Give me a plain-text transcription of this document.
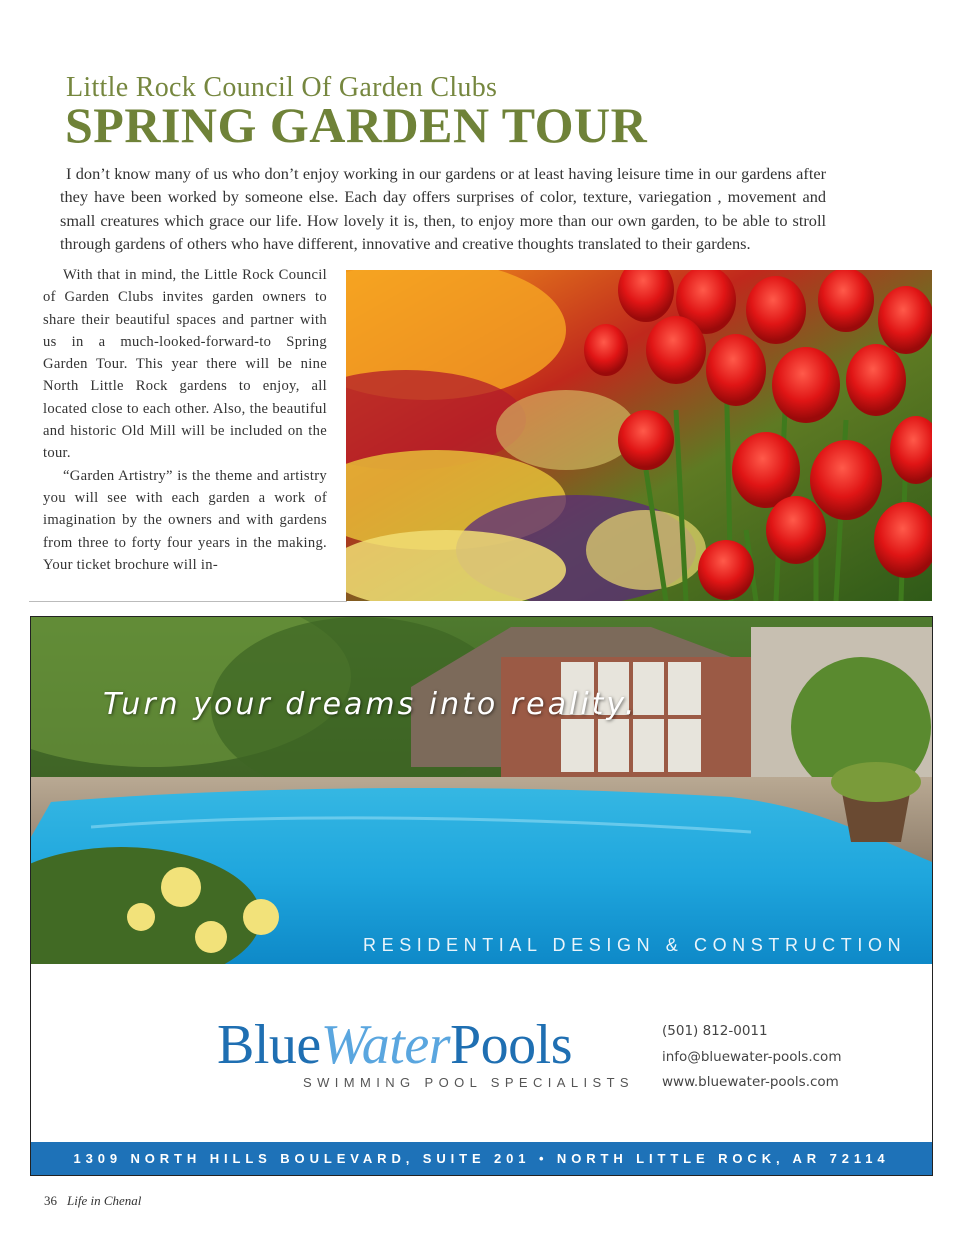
Little Rock Council Of Garden Clubs
SPRING GARDEN TOUR
I don’t know many of us who don’t enjoy working in our gardens or at least having leisure time in our gardens after they have been worked by someone else. Each day offers surprises of color, texture, variegation , movement and small creatures which grace our life. How lovely it is, then, to enjoy more than our own garden, to be able to stroll through gardens of others who have different, innovative and creative thoughts translated to their gardens.

With that in mind, the Little Rock Council of Garden Clubs invites garden owners to share their beautiful spaces and partner with us in a much-looked-forward-to Spring Garden Tour. This year there will be nine North Little Rock gardens to enjoy, all located close to each other. Also, the beautiful and historic Old Mill will be included on the tour.

“Garden Artistry” is the theme and artistry you will see with each garden a work of imagination by the owners and with gardens from three to forty four years in the making. Your ticket brochure will in-

Turn your dreams into reality.
RESIDENTIAL DESIGN & CONSTRUCTION
BlueWaterPools
SWIMMING POOL SPECIALISTS
(501) 812-0011
info@bluewater-pools.com
www.bluewater-pools.com
1309 NORTH HILLS BOULEVARD, SUITE 201 • NORTH LITTLE ROCK, AR 72114
36 Life in Chenal
